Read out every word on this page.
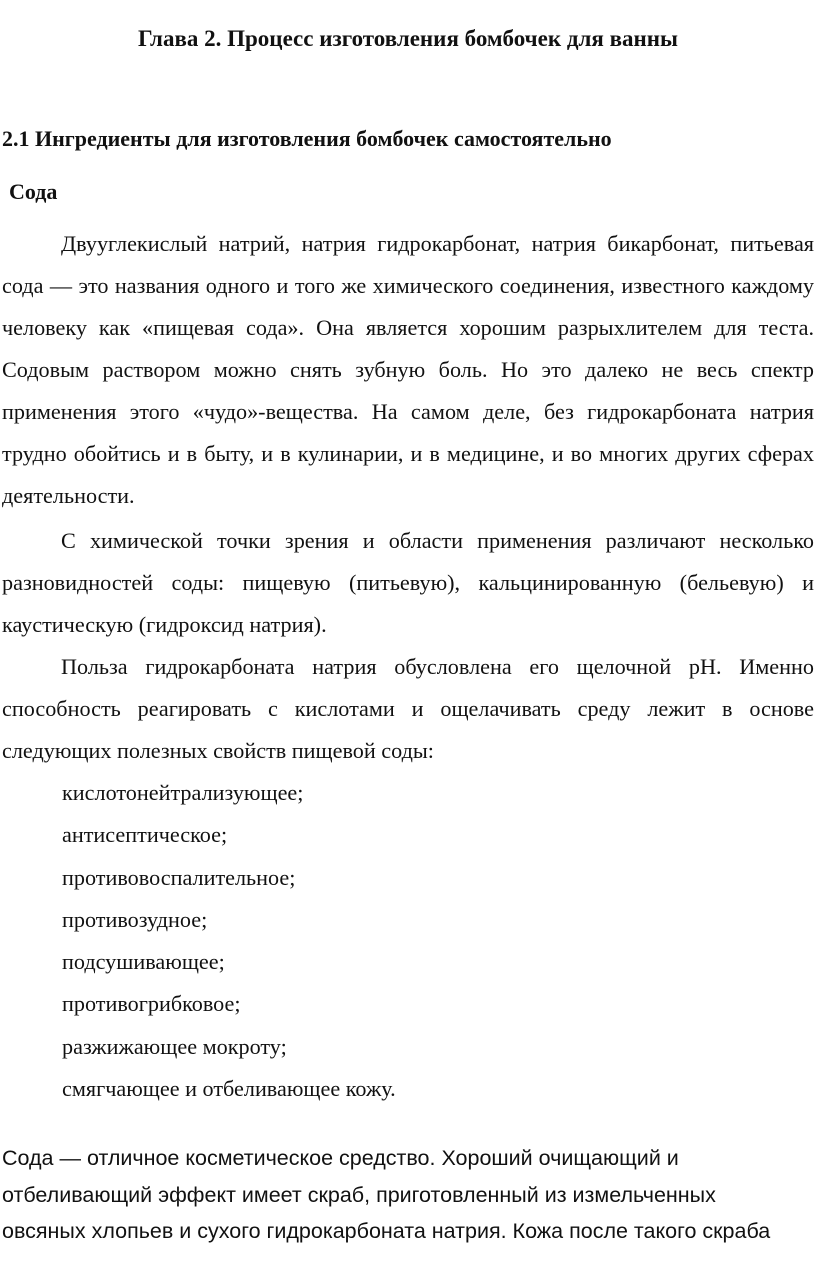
Глава 2. Процесс изготовления бомбочек для ванны
2.1 Ингредиенты для изготовления бомбочек самостоятельно
Сода

Двууглекислый натрий, натрия гидрокарбонат, натрия бикарбонат, питьевая сода — это названия одного и того же химического соединения, известного каждому человеку как «пищевая сода». Она является хорошим разрыхлителем для теста. Содовым раствором можно снять зубную боль. Но это далеко не весь спектр применения этого «чудо»-вещества. На самом деле, без гидрокарбоната натрия трудно обойтись и в быту, и в кулинарии, и в медицине, и во многих других сферах деятельности.

С химической точки зрения и области применения различают несколько разновидностей соды: пищевую (питьевую), кальцинированную (бельевую) и каустическую (гидроксид натрия).

Польза гидрокарбоната натрия обусловлена его щелочной pH. Именно способность реагировать с кислотами и ощелачивать среду лежит в основе следующих полезных свойств пищевой соды:

кислотонейтрализующее;
антисептическое;
противовоспалительное;
противозудное;
подсушивающее;
противогрибковое;
разжижающее мокроту;
смягчающее и отбеливающее кожу.

Сода — отличное косметическое средство. Хороший очищающий и отбеливающий эффект имеет скраб, приготовленный из измельченных овсяных хлопьев и сухого гидрокарбоната натрия. Кожа после такого скраба
